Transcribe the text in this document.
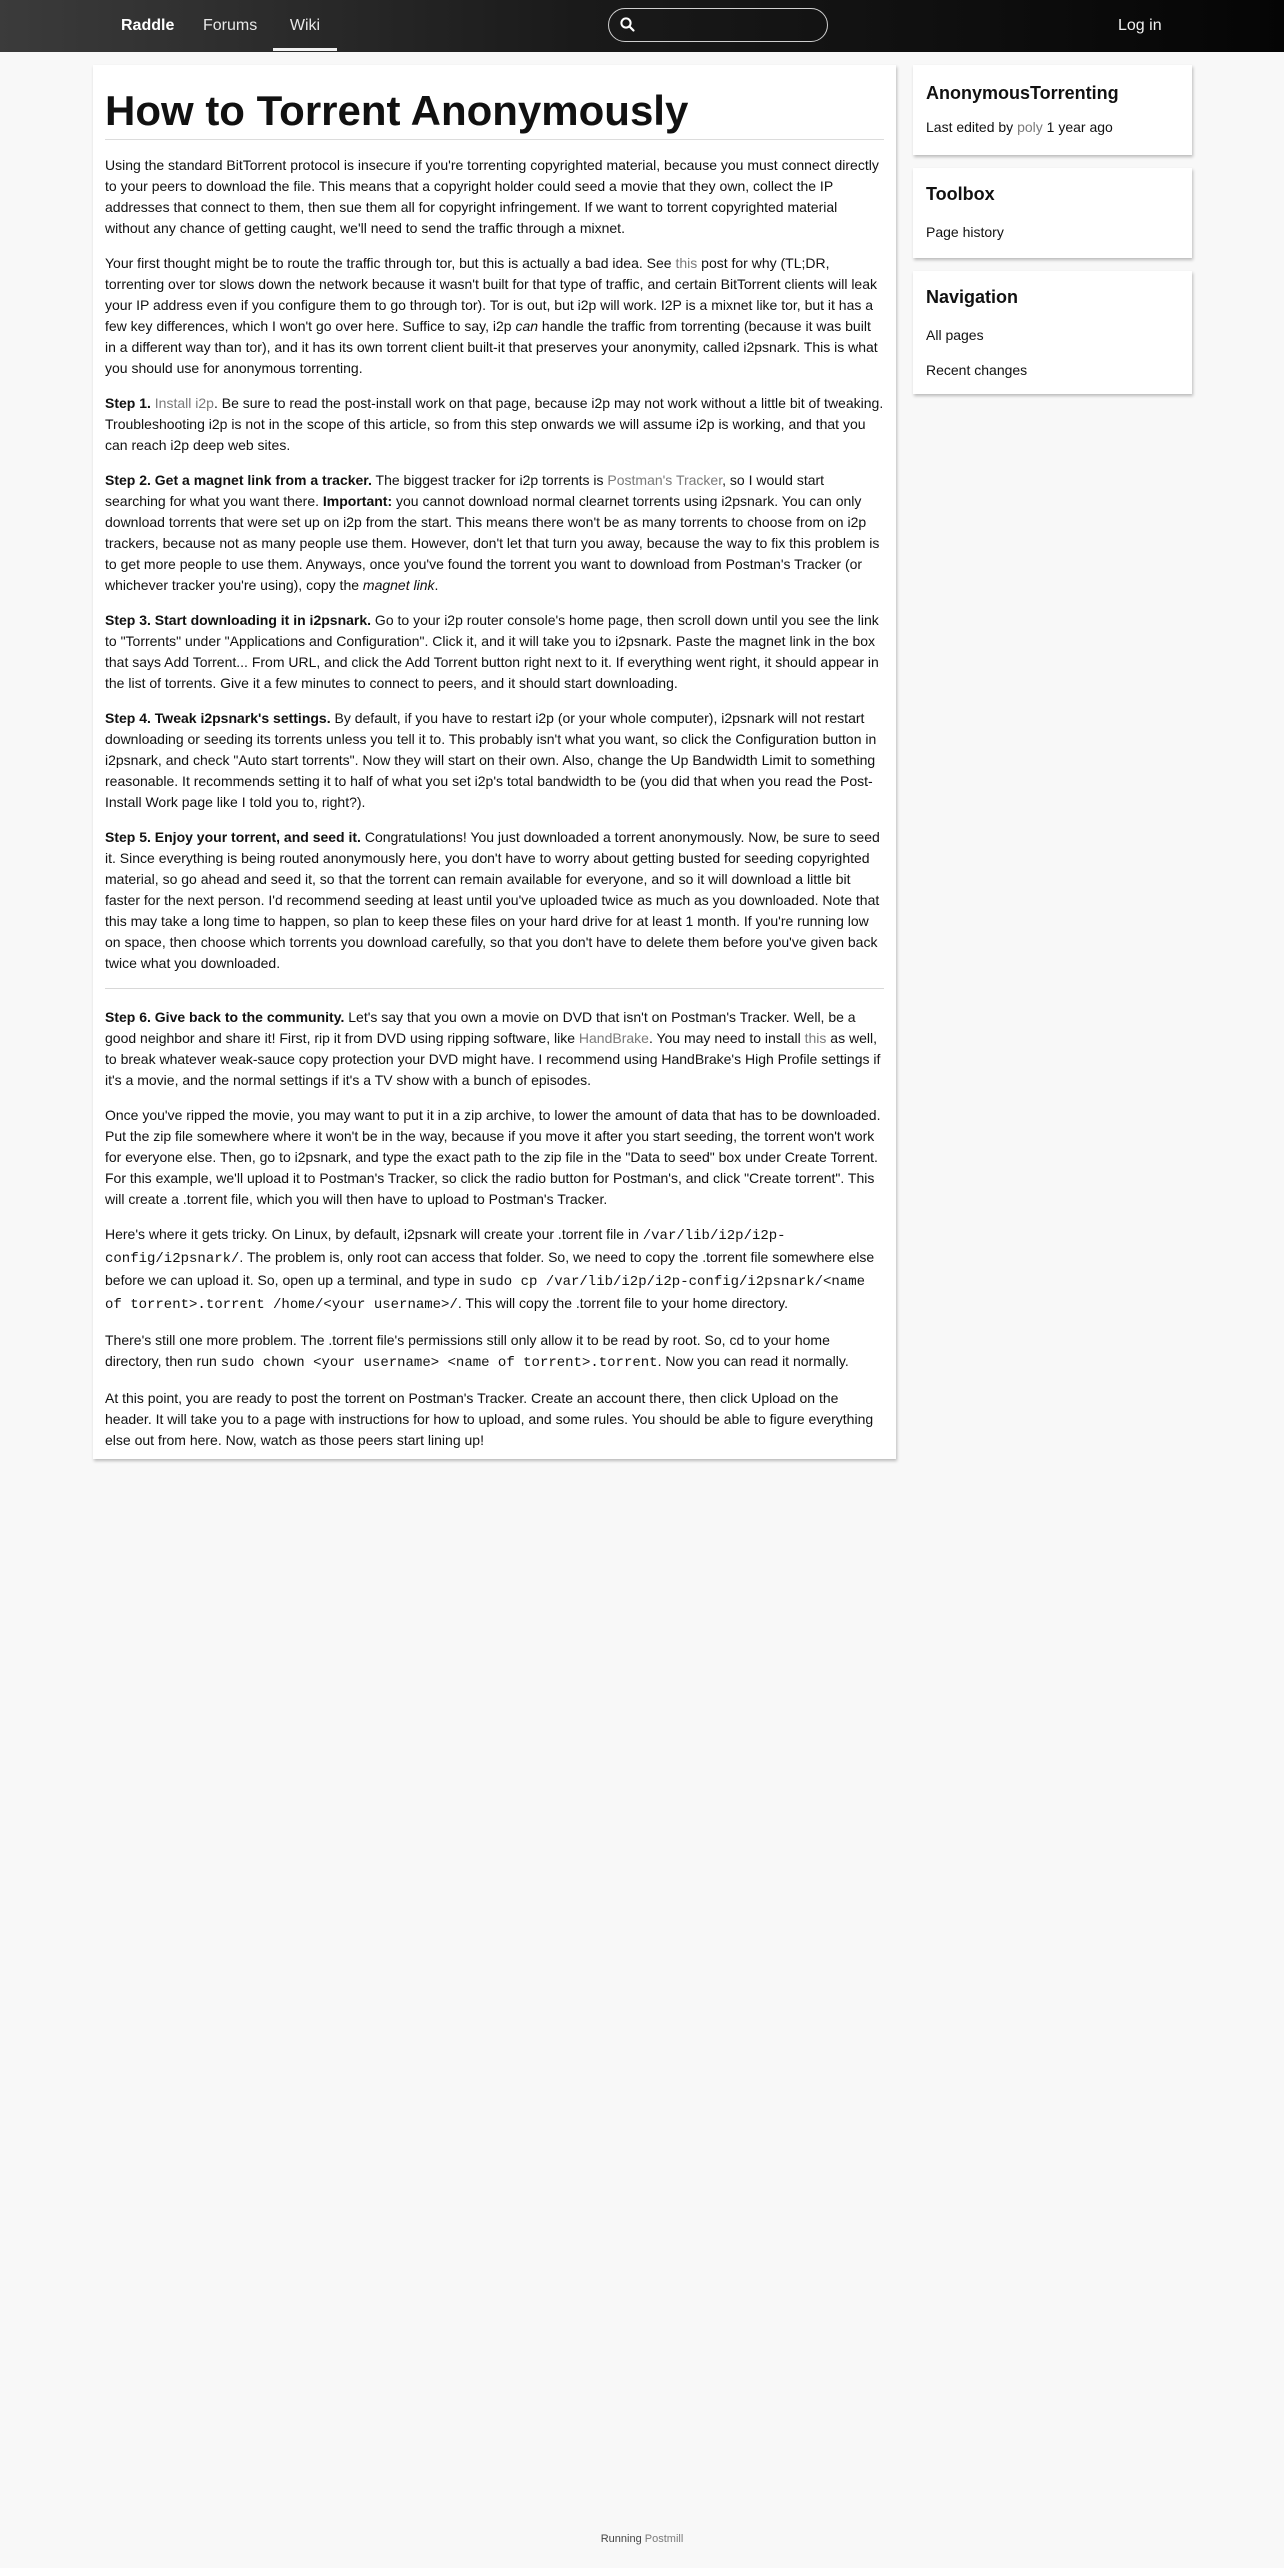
Raddle Forums	Wiki	Log in
How to Torrent Anonymously

Using the standard BitTorrent protocol is insecure if you're torrenting copyrighted material, because you must connect directly to your peers to download the file. This means that a copyright holder could seed a movie that they own, collect the IP addresses that connect to them, then sue them all for copyright infringement. If we want to torrent copyrighted material without any chance of getting caught, we'll need to send the traffic through a mixnet.

Your first thought might be to route the traffic through tor, but this is actually a bad idea. See this post for why (TL;DR, torrenting over tor slows down the network because it wasn't built for that type of traffic, and certain BitTorrent clients will leak your IP address even if you configure them to go through tor). Tor is out, but i2p will work. I2P is a mixnet like tor, but it has a few key differences, which I won't go over here. Suffice to say, i2p can handle the traffic from torrenting (because it was built in a different way than tor), and it has its own torrent client built-it that preserves your anonymity, called i2psnark. This is what you should use for anonymous torrenting.

Step 1. Install i2p. Be sure to read the post-install work on that page, because i2p may not work without a little bit of tweaking. Troubleshooting i2p is not in the scope of this article, so from this step onwards we will assume i2p is working, and that you can reach i2p deep web sites.

Step 2. Get a magnet link from a tracker. The biggest tracker for i2p torrents is Postman's Tracker, so I would start searching for what you want there. Important: you cannot download normal clearnet torrents using i2psnark. You can only download torrents that were set up on i2p from the start. This means there won't be as many torrents to choose from on i2p trackers, because not as many people use them. However, don't let that turn you away, because the way to fix this problem is to get more people to use them. Anyways, once you've found the torrent you want to download from Postman's Tracker (or whichever tracker you're using), copy the magnet link.

Step 3. Start downloading it in i2psnark. Go to your i2p router console's home page, then scroll down until you see the link to "Torrents" under "Applications and Configuration". Click it, and it will take you to i2psnark. Paste the magnet link in the box that says Add Torrent... From URL, and click the Add Torrent button right next to it. If everything went right, it should appear in the list of torrents. Give it a few minutes to connect to peers, and it should start downloading.

Step 4. Tweak i2psnark's settings. By default, if you have to restart i2p (or your whole computer), i2psnark will not restart downloading or seeding its torrents unless you tell it to. This probably isn't what you want, so click the Configuration button in i2psnark, and check "Auto start torrents". Now they will start on their own. Also, change the Up Bandwidth Limit to something reasonable. It recommends setting it to half of what you set i2p's total bandwidth to be (you did that when you read the Post-Install Work page like I told you to, right?).

Step 5. Enjoy your torrent, and seed it. Congratulations! You just downloaded a torrent anonymously. Now, be sure to seed it. Since everything is being routed anonymously here, you don't have to worry about getting busted for seeding copyrighted material, so go ahead and seed it, so that the torrent can remain available for everyone, and so it will download a little bit faster for the next person. I'd recommend seeding at least until you've uploaded twice as much as you downloaded. Note that this may take a long time to happen, so plan to keep these files on your hard drive for at least 1 month. If you're running low on space, then choose which torrents you download carefully, so that you don't have to delete them before you've given back twice what you downloaded.

Step 6. Give back to the community. Let's say that you own a movie on DVD that isn't on Postman's Tracker. Well, be a good neighbor and share it! First, rip it from DVD using ripping software, like HandBrake. You may need to install this as well, to break whatever weak-sauce copy protection your DVD might have. I recommend using HandBrake's High Profile settings if it's a movie, and the normal settings if it's a TV show with a bunch of episodes.

Once you've ripped the movie, you may want to put it in a zip archive, to lower the amount of data that has to be downloaded. Put the zip file somewhere where it won't be in the way, because if you move it after you start seeding, the torrent won't work for everyone else. Then, go to i2psnark, and type the exact path to the zip file in the "Data to seed" box under Create Torrent. For this example, we'll upload it to Postman's Tracker, so click the radio button for Postman's, and click "Create torrent". This will create a .torrent file, which you will then have to upload to Postman's Tracker.

Here's where it gets tricky. On Linux, by default, i2psnark will create your .torrent file in /var/lib/i2p/i2p-config/i2psnark/. The problem is, only root can access that folder. So, we need to copy the .torrent file somewhere else before we can upload it. So, open up a terminal, and type in sudo cp /var/lib/i2p/i2p-config/i2psnark/<name of torrent>.torrent /home/<your username>/. This will copy the .torrent file to your home directory.

There's still one more problem. The .torrent file's permissions still only allow it to be read by root. So, cd to your home directory, then run sudo chown <your username> <name of torrent>.torrent. Now you can read it normally.

At this point, you are ready to post the torrent on Postman's Tracker. Create an account there, then click Upload on the header. It will take you to a page with instructions for how to upload, and some rules. You should be able to figure everything else out from here. Now, watch as those peers start lining up!

AnonymousTorrenting
Last edited by poly 1 year ago
Toolbox
Page history
Navigation
All pages
Recent changes
Running Postmill
